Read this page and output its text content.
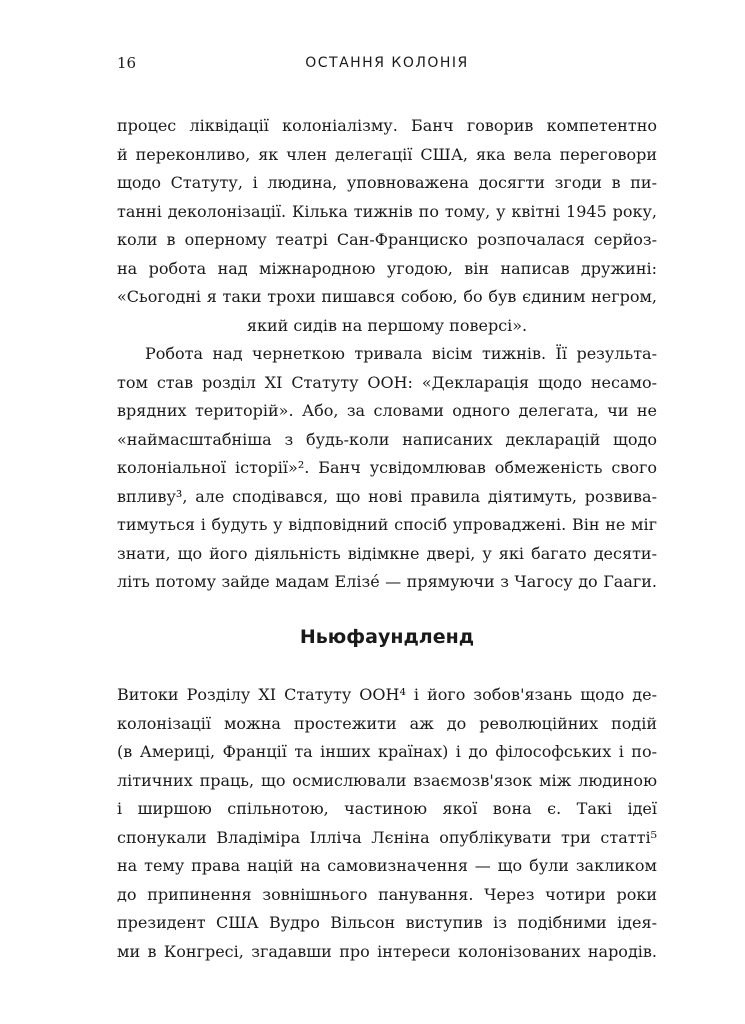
16	ОСТАННЯ КОЛОНІЯ
процес ліквідації колоніалізму. Банч говорив компетентно
й переконливо, як член делегації США, яка вела переговори
щодо Статуту, і людина, уповноважена досягти згоди в пи-
танні деколонізації. Кілька тижнів по тому, у квітні 1945 року,
коли в оперному театрі Сан-Франциско розпочалася серйоз-
на робота над міжнародною угодою, він написав дружині:
«Сьогодні я таки трохи пишався собою, бо був єдиним негром,
який сидів на першому поверсі».
Робота над чернеткою тривала вісім тижнів. Її результа-
том став розділ XI Статуту ООН: «Декларація щодо несамо-
врядних територій». Або, за словами одного делегата, чи не
«наймасштабніша з будь-коли написаних декларацій щодо
колоніальної історії»². Банч усвідомлював обмеженість свого
впливу³, але сподівався, що нові правила діятимуть, розвива-
тимуться і будуть у відповідний спосіб упроваджені. Він не міг
знати, що його діяльність відімкне двері, у які багато десяти-
літь потому зайде мадам Елізé — прямуючи з Чагосу до Гааги.
Ньюфаундленд
Витоки Розділу XI Статуту ООН⁴ і його зобов'язань щодо де-
колонізації можна простежити аж до революційних подій
(в Америці, Франції та інших країнах) і до філософських і по-
літичних праць, що осмислювали взаємозв'язок між людиною
і ширшою спільнотою, частиною якої вона є. Такі ідеї
спонукали Владіміра Ілліча Лєніна опублікувати три статті⁵
на тему права націй на самовизначення — що були закликом
до припинення зовнішнього панування. Через чотири роки
президент США Вудро Вільсон виступив із подібними ідея-
ми в Конгресі, згадавши про інтереси колонізованих народів.
